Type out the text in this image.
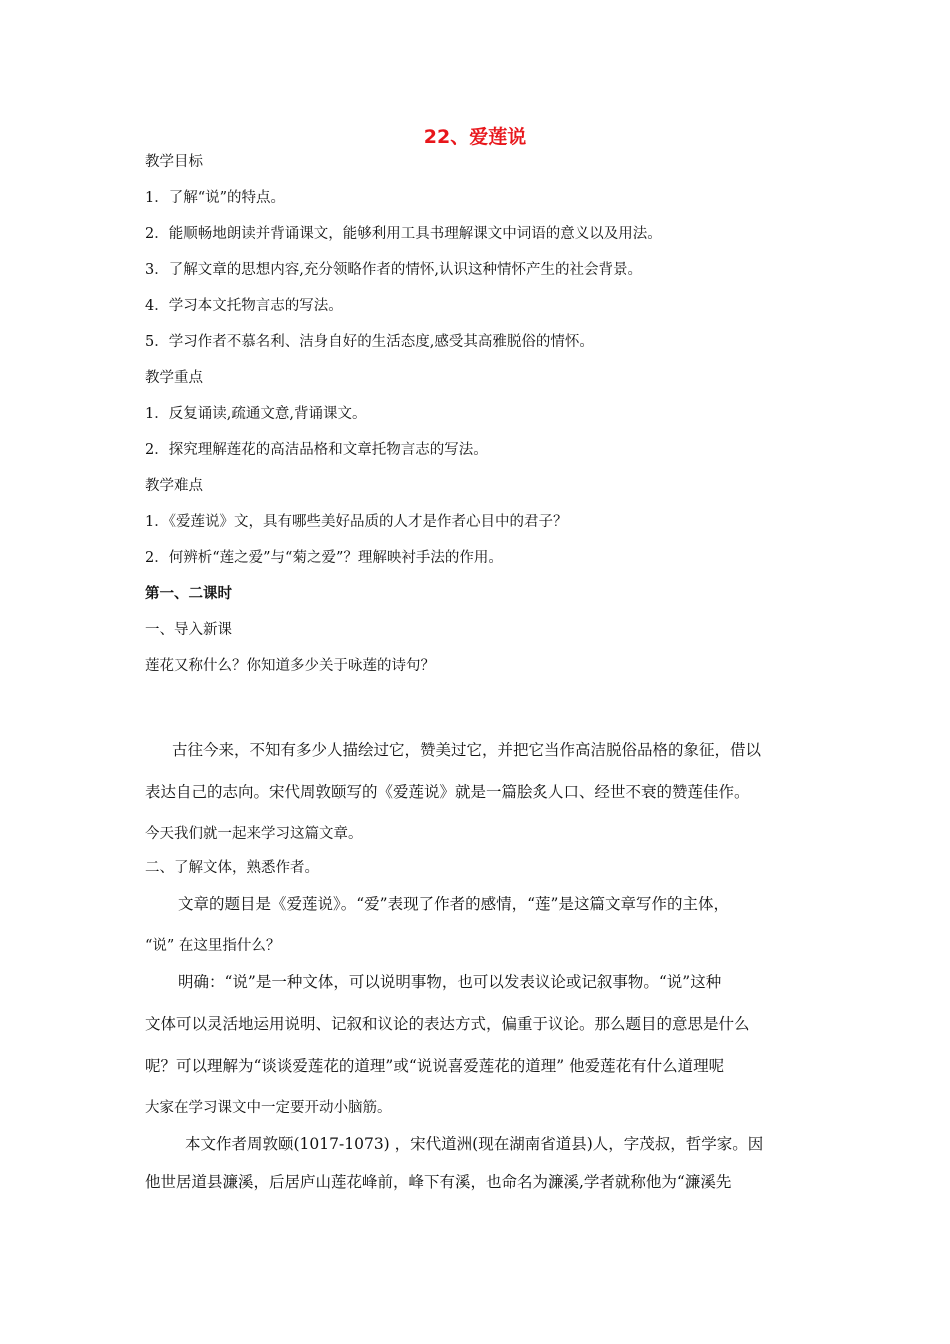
22、爱莲说
教学目标
1．了解“说”的特点。
2．能顺畅地朗读并背诵课文，能够利用工具书理解课文中词语的意义以及用法。
3．了解文章的思想内容,充分领略作者的情怀,认识这种情怀产生的社会背景。
4．学习本文托物言志的写法。
5．学习作者不慕名利、洁身自好的生活态度,感受其高雅脱俗的情怀。
教学重点
1．反复诵读,疏通文意,背诵课文。
2．探究理解莲花的高洁品格和文章托物言志的写法。
教学难点
1．《爱莲说》文，具有哪些美好品质的人才是作者心目中的君子？
2．何辨析“莲之爱”与“菊之爱”？理解映衬手法的作用。
第一、二课时
一、导入新课
莲花又称什么？你知道多少关于咏莲的诗句？
古往今来，不知有多少人描绘过它，赞美过它，并把它当作高洁脱俗品格的象征，借以
表达自己的志向。宋代周敦颐写的《爱莲说》就是一篇脍炙人口、经世不衰的赞莲佳作。
今天我们就一起来学习这篇文章。
二、了解文体，熟悉作者。
文章的题目是《爱莲说》。“爱”表现了作者的感情，“莲”是这篇文章写作的主体，
“说” 在这里指什么？
明确：“说”是一种文体，可以说明事物，也可以发表议论或记叙事物。“说”这种
文体可以灵活地运用说明、记叙和议论的表达方式，偏重于议论。那么题目的意思是什么
呢？可以理解为“谈谈爱莲花的道理”或“说说喜爱莲花的道理” 他爱莲花有什么道理呢
大家在学习课文中一定要开动小脑筋。
本文作者周敦颐(1017-1073) ，宋代道洲(现在湖南省道县)人，字茂叔，哲学家。因
他世居道县濂溪，后居庐山莲花峰前，峰下有溪，也命名为濂溪,学者就称他为“濂溪先
